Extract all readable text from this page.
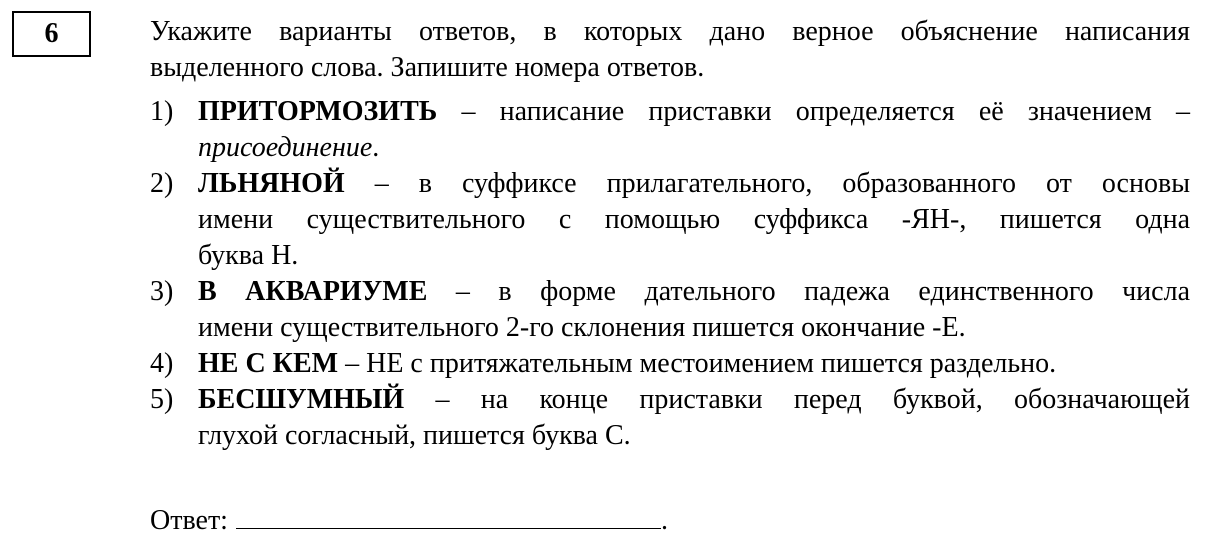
6	Укажите варианты ответов, в которых дано верное объяснение написания
выделенного слова. Запишите номера ответов.
1) ПРИТОРМОЗИТЬ – написание приставки определяется её значением –
присоединение.
2) ЛЬНЯНОЙ – в суффиксе прилагательного, образованного от основы
имени существительного с помощью суффикса -ЯН-, пишется одна
буква Н.
3) В АКВАРИУМЕ – в форме дательного падежа единственного числа
имени существительного 2-го склонения пишется окончание -Е.
4) НЕ С КЕМ – НЕ с притяжательным местоимением пишется раздельно.
5) БЕСШУМНЫЙ – на конце приставки перед буквой, обозначающей
глухой согласный, пишется буква С.
Ответ:	.
